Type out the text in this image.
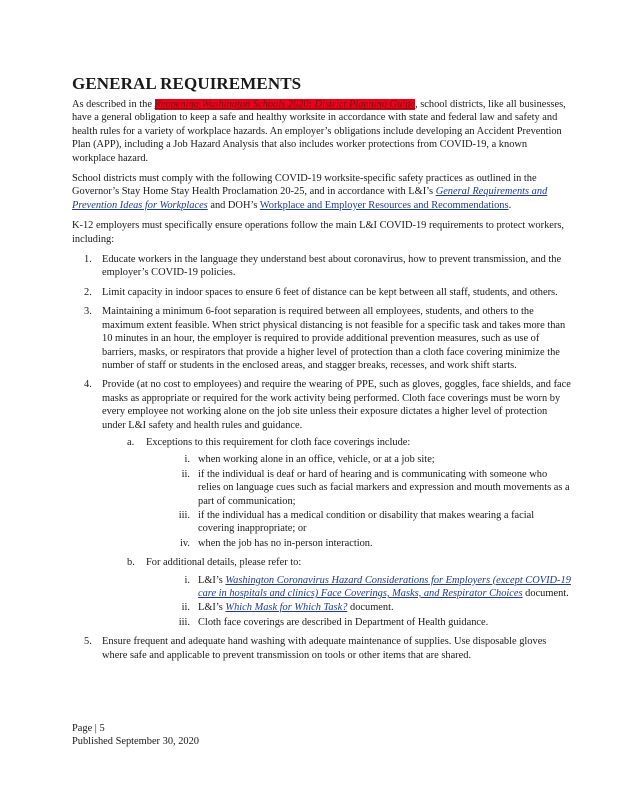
GENERAL REQUIREMENTS

As described in the Reopening Washington Schools 2020: District Planning Guide, school districts, like all businesses, have a general obligation to keep a safe and healthy worksite in accordance with state and federal law and safety and health rules for a variety of workplace hazards. An employer’s obligations include developing an Accident Prevention Plan (APP), including a Job Hazard Analysis that also includes worker protections from COVID-19, a known workplace hazard.

School districts must comply with the following COVID-19 worksite-specific safety practices as outlined in the Governor’s Stay Home Stay Health Proclamation 20-25, and in accordance with L&I’s General Requirements and Prevention Ideas for Workplaces and DOH’s Workplace and Employer Resources and Recommendations.

K-12 employers must specifically ensure operations follow the main L&I COVID-19 requirements to protect workers, including:

1. Educate workers in the language they understand best about coronavirus, how to prevent transmission, and the employer’s COVID-19 policies.
2. Limit capacity in indoor spaces to ensure 6 feet of distance can be kept between all staff, students, and others.
3. Maintaining a minimum 6-foot separation is required between all employees, students, and others to the maximum extent feasible. When strict physical distancing is not feasible for a specific task and takes more than 10 minutes in an hour, the employer is required to provide additional prevention measures, such as use of barriers, masks, or respirators that provide a higher level of protection than a cloth face covering minimize the number of staff or students in the enclosed areas, and stagger breaks, recesses, and work shift starts.
4. Provide (at no cost to employees) and require the wearing of PPE, such as gloves, goggles, face shields, and face masks as appropriate or required for the work activity being performed. Cloth face coverings must be worn by every employee not working alone on the job site unless their exposure dictates a higher level of protection under L&I safety and health rules and guidance.
a. Exceptions to this requirement for cloth face coverings include:
i. when working alone in an office, vehicle, or at a job site;
ii. if the individual is deaf or hard of hearing and is communicating with someone who relies on language cues such as facial markers and expression and mouth movements as a part of communication;
iii. if the individual has a medical condition or disability that makes wearing a facial covering inappropriate; or
iv. when the job has no in-person interaction.
b. For additional details, please refer to:
i. L&I’s Washington Coronavirus Hazard Considerations for Employers (except COVID-19 care in hospitals and clinics) Face Coverings, Masks, and Respirator Choices document.
ii. L&I’s Which Mask for Which Task? document.
iii. Cloth face coverings are described in Department of Health guidance.
5. Ensure frequent and adequate hand washing with adequate maintenance of supplies. Use disposable gloves where safe and applicable to prevent transmission on tools or other items that are shared.
Page | 5
Published September 30, 2020
